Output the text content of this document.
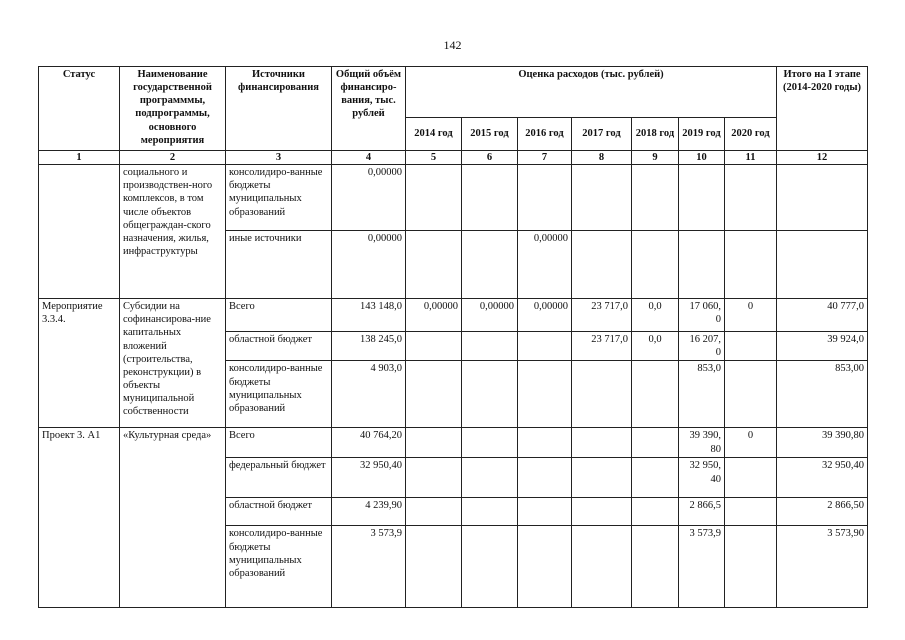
142
Статус	Наименование государственной программмы, подпрограммы, основного мероприятия	Источники финансирования	Общий объём финансиро-вания, тыс. рублей	Оценка расходов (тыс. рублей)							Итого на I этапе (2014-2020 годы)
				2014 год	2015 год	2016 год	2017 год	2018 год	2019 год	2020 год	
1	2	3	4	5	6	7	8	9	10	11	12
	социального и производствен-ного комплексов, в том числе объектов общеграждан-ского назначения, жилья, инфраструктуры	консолидиро-ванные бюджеты муниципальных образований	0,00000								
		иные источники	0,00000			0,00000					
Мероприятие 3.3.4.	Субсидии на софинансирова-ние капитальных вложений (строительства, реконструкции) в объекты муниципальной собственности	Всего	143 148,0	0,00000	0,00000	0,00000	23 717,0	0,0	17 060, 0	0	40 777,0
		областной бюджет	138 245,0				23 717,0	0,0	16 207, 0		39 924,0
		консолидиро-ванные бюджеты муниципальных образований	4 903,0						853,0		853,00
Проект 3. А1	«Культурная среда»	Всего	40 764,20						39 390, 80	0	39 390,80
		федеральный бюджет	32 950,40						32 950, 40		32 950,40
		областной бюджет	4 239,90						2 866,5		2 866,50
		консолидиро-ванные бюджеты муниципальных образований	3 573,9						3 573,9		3 573,90
